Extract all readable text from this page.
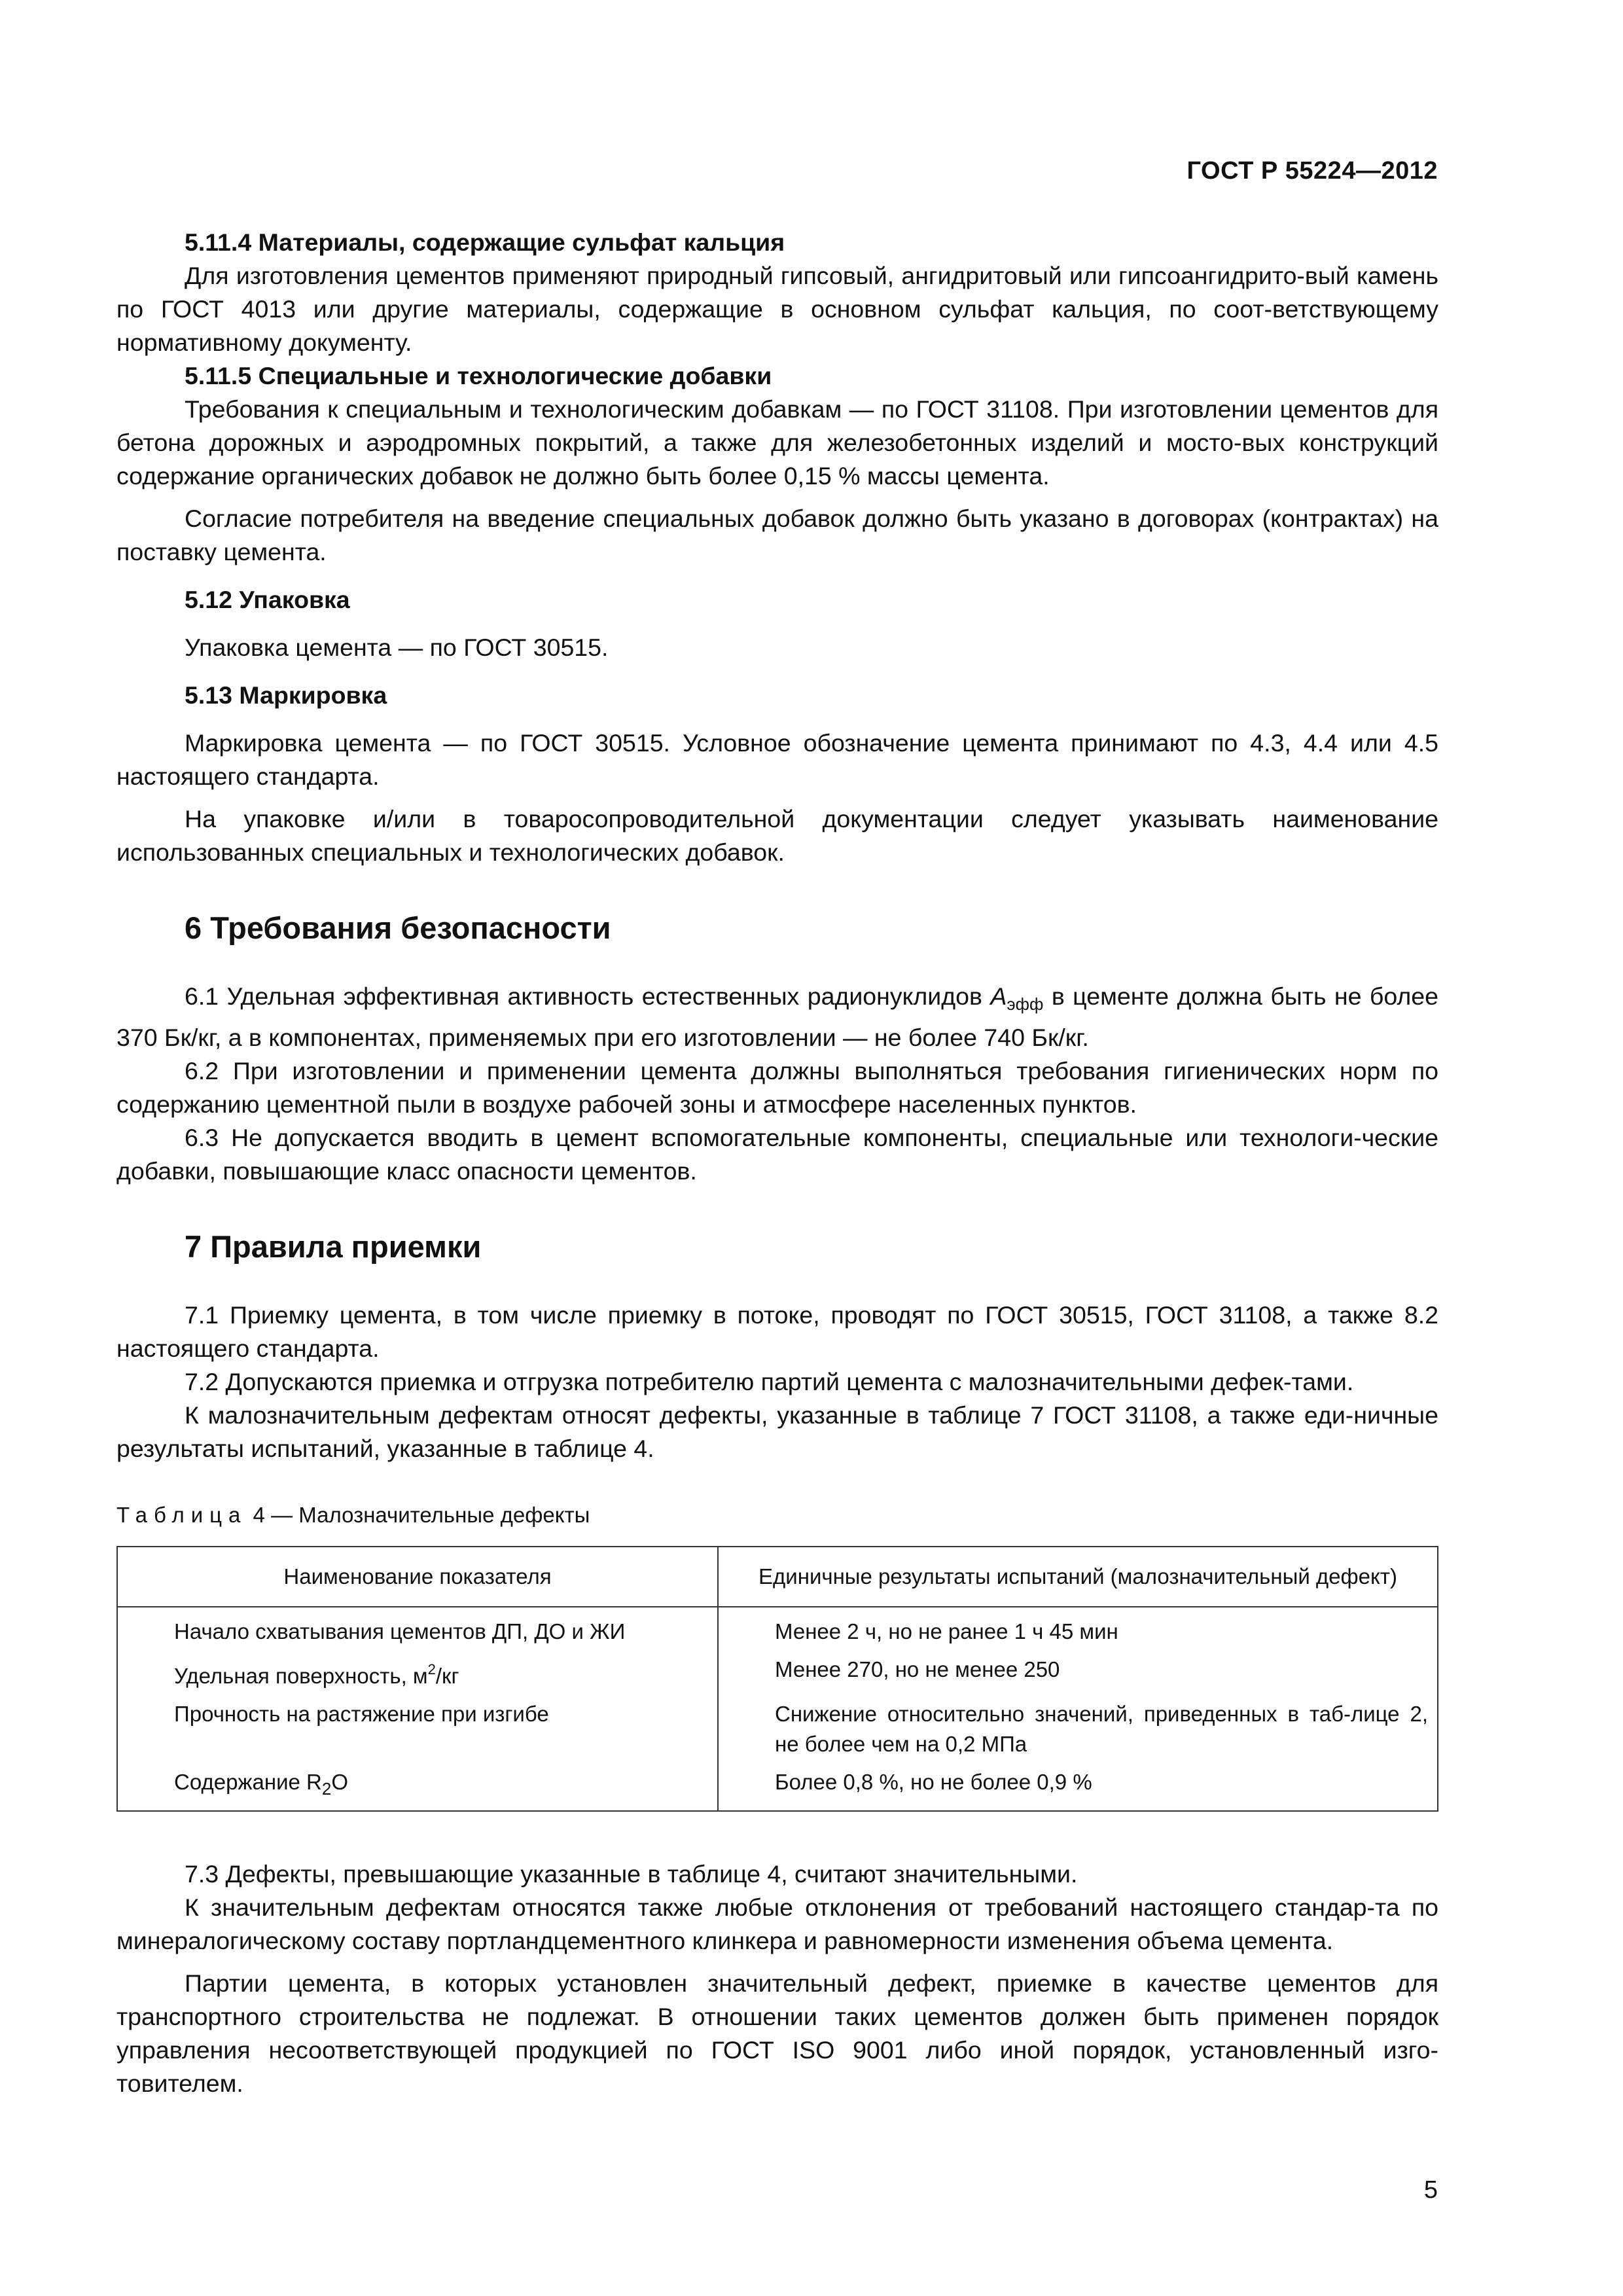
ГОСТ Р 55224—2012

5.11.4 Материалы, содержащие сульфат кальция

Для изготовления цементов применяют природный гипсовый, ангидритовый или гипсоангидрито-вый камень по ГОСТ 4013 или другие материалы, содержащие в основном сульфат кальция, по соот-ветствующему нормативному документу.

5.11.5 Специальные и технологические добавки

Требования к специальным и технологическим добавкам — по ГОСТ 31108. При изготовлении цементов для бетона дорожных и аэродромных покрытий, а также для железобетонных изделий и мосто-вых конструкций содержание органических добавок не должно быть более 0,15 % массы цемента.

Согласие потребителя на введение специальных добавок должно быть указано в договорах (контрактах) на поставку цемента.

5.12 Упаковка

Упаковка цемента — по ГОСТ 30515.

5.13 Маркировка

Маркировка цемента — по ГОСТ 30515. Условное обозначение цемента принимают по 4.3, 4.4 или 4.5 настоящего стандарта.

На упаковке и/или в товаросопроводительной документации следует указывать наименование использованных специальных и технологических добавок.

6 Требования безопасности

6.1 Удельная эффективная активность естественных радионуклидов $A_{эфф}$ в цементе должна быть не более 370 Бк/кг, а в компонентах, применяемых при его изготовлении — не более 740 Бк/кг.

6.2 При изготовлении и применении цемента должны выполняться требования гигиенических норм по содержанию цементной пыли в воздухе рабочей зоны и атмосфере населенных пунктов.

6.3 Не допускается вводить в цемент вспомогательные компоненты, специальные или технологи-ческие добавки, повышающие класс опасности цементов.

7 Правила приемки

7.1 Приемку цемента, в том числе приемку в потоке, проводят по ГОСТ 30515, ГОСТ 31108, а также 8.2 настоящего стандарта.

7.2 Допускаются приемка и отгрузка потребителю партий цемента с малозначительными дефек-тами.

К малозначительным дефектам относят дефекты, указанные в таблице 7 ГОСТ 31108, а также еди-ничные результаты испытаний, указанные в таблице 4.

Таблица 4 — Малозначительные дефекты
Наименование показателя	Единичные результаты испытаний (малозначительный дефект)
Начало схватывания цементов ДП, ДО и ЖИ	Менее 2 ч, но не ранее 1 ч 45 мин
Удельная поверхность, $м^2/кг$	Менее 270, но не менее 250
Прочность на растяжение при изгибе	Снижение относительно значений, приведенных в таб-лице 2, не более чем на 0,2 МПа
Содержание $R_2O$	Более 0,8 %, но не более 0,9 %

7.3 Дефекты, превышающие указанные в таблице 4, считают значительными.

К значительным дефектам относятся также любые отклонения от требований настоящего стандар-та по минералогическому составу портландцементного клинкера и равномерности изменения объема цемента.

Партии цемента, в которых установлен значительный дефект, приемке в качестве цементов для транспортного строительства не подлежат. В отношении таких цементов должен быть применен порядок управления несоответствующей продукцией по ГОСТ ISO 9001 либо иной порядок, установленный изго-товителем.

5
